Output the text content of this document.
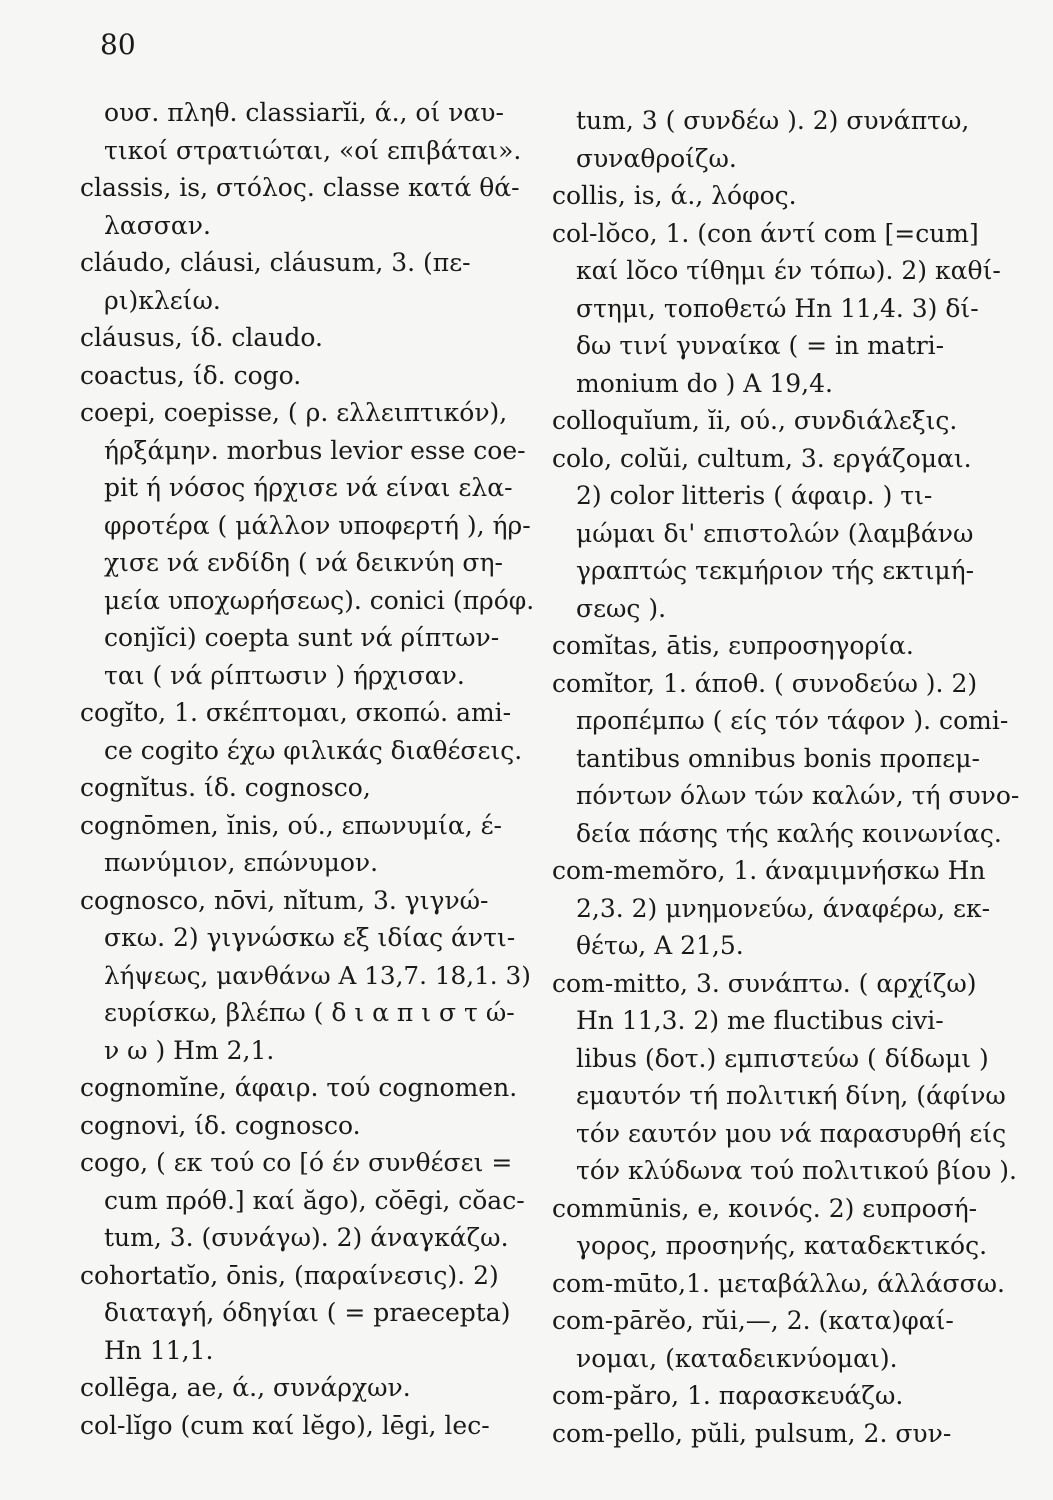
80
ουσ. πληθ. classiarĭi, ά., οί ναυ-
τικοί στρατιώται, «οί επιβάται».
classis, is, στόλος. classe κατά θά-
λασσαν.
cláudo, cláusi, cláusum, 3. (πε-
ρι)κλείω.
cláusus, ίδ. claudo.
coactus, ίδ. cogo.
coepi, coepisse, ( ρ. ελλειπτικόν),
ήρξάμην. morbus levior esse coe-
pit ή νόσος ήρχισε νά είναι ελα-
φροτέρα ( μάλλον υποφερτή ), ήρ-
χισε νά ενδίδη ( νά δεικνύη ση-
μεία υποχωρήσεως). conici (πρόφ.
conjĭci) coepta sunt νά ρίπτων-
ται ( νά ρίπτωσιν ) ήρχισαν.
cogĭto, 1. σκέπτομαι, σκοπώ. ami-
ce cogito έχω φιλικάς διαθέσεις.
cognĭtus. ίδ. cognosco,
cognōmen, ĭnis, ού., επωνυμία, έ-
πωνύμιον, επώνυμον.
cognosco, nōvi, nĭtum, 3. γιγνώ-
σκω. 2) γιγνώσκω εξ ιδίας άντι-
λήψεως, μανθάνω A 13,7. 18,1. 3)
ευρίσκω, βλέπω ( δ ι α π ι σ τ ώ-
ν ω ) Hm 2,1.
cognomĭne, άφαιρ. τού cognomen.
cognovi, ίδ. cognosco.
cogo, ( εκ τού co [ό έν συνθέσει =
cum πρόθ.] καί ăgo), cŏēgi, cŏac-
tum, 3. (συνάγω). 2) άναγκάζω.
cohortatĭo, ōnis, (παραίνεσις). 2)
διαταγή, όδηγίαι ( = praecepta)
Hn 11,1.
collēga, ae, ά., συνάρχων.
col-lĭgo (cum καί lĕgo), lēgi, lec-
tum, 3 ( συνδέω ). 2) συνάπτω,
συναθροίζω.
collis, is, ά., λόφος.
col-lŏco, 1. (con άντί com [=cum]
καί lŏco τίθημι έν τόπω). 2) καθί-
στημι, τοποθετώ Hn 11,4. 3) δί-
δω τινί γυναίκα ( = in matri-
monium do ) A 19,4.
colloquĭum, ĭi, ού., συνδιάλεξις.
colo, colŭi, cultum, 3. εργάζομαι.
2) color litteris ( άφαιρ. ) τι-
μώμαι δι' επιστολών (λαμβάνω
γραπτώς τεκμήριον τής εκτιμή-
σεως ).
comĭtas, ātis, ευπροσηγορία.
comĭtor, 1. άποθ. ( συνοδεύω ). 2)
προπέμπω ( είς τόν τάφον ). comi-
tantibus omnibus bonis προπεμ-
πόντων όλων τών καλών, τή συνο-
δεία πάσης τής καλής κοινωνίας.
com-memŏro, 1. άναμιμνήσκω Hn
2,3. 2) μνημονεύω, άναφέρω, εκ-
θέτω, A 21,5.
com-mitto, 3. συνάπτω. ( αρχίζω)
Hn 11,3. 2) me fluctibus civi-
libus (δοτ.) εμπιστεύω ( δίδωμι )
εμαυτόν τή πολιτική δίνη, (άφίνω
τόν εαυτόν μου νά παρασυρθή είς
τόν κλύδωνα τού πολιτικού βίου ).
commūnis, e, κοινός. 2) ευπροσή-
γορος, προσηνής, καταδεκτικός.
com-mūto,1. μεταβάλλω, άλλάσσω.
com-pārĕo, rŭi,—, 2. (κατα)φαί-
νομαι, (καταδεικνύομαι).
com-păro, 1. παρασκευάζω.
com-pello, pŭli, pulsum, 2. συν-
